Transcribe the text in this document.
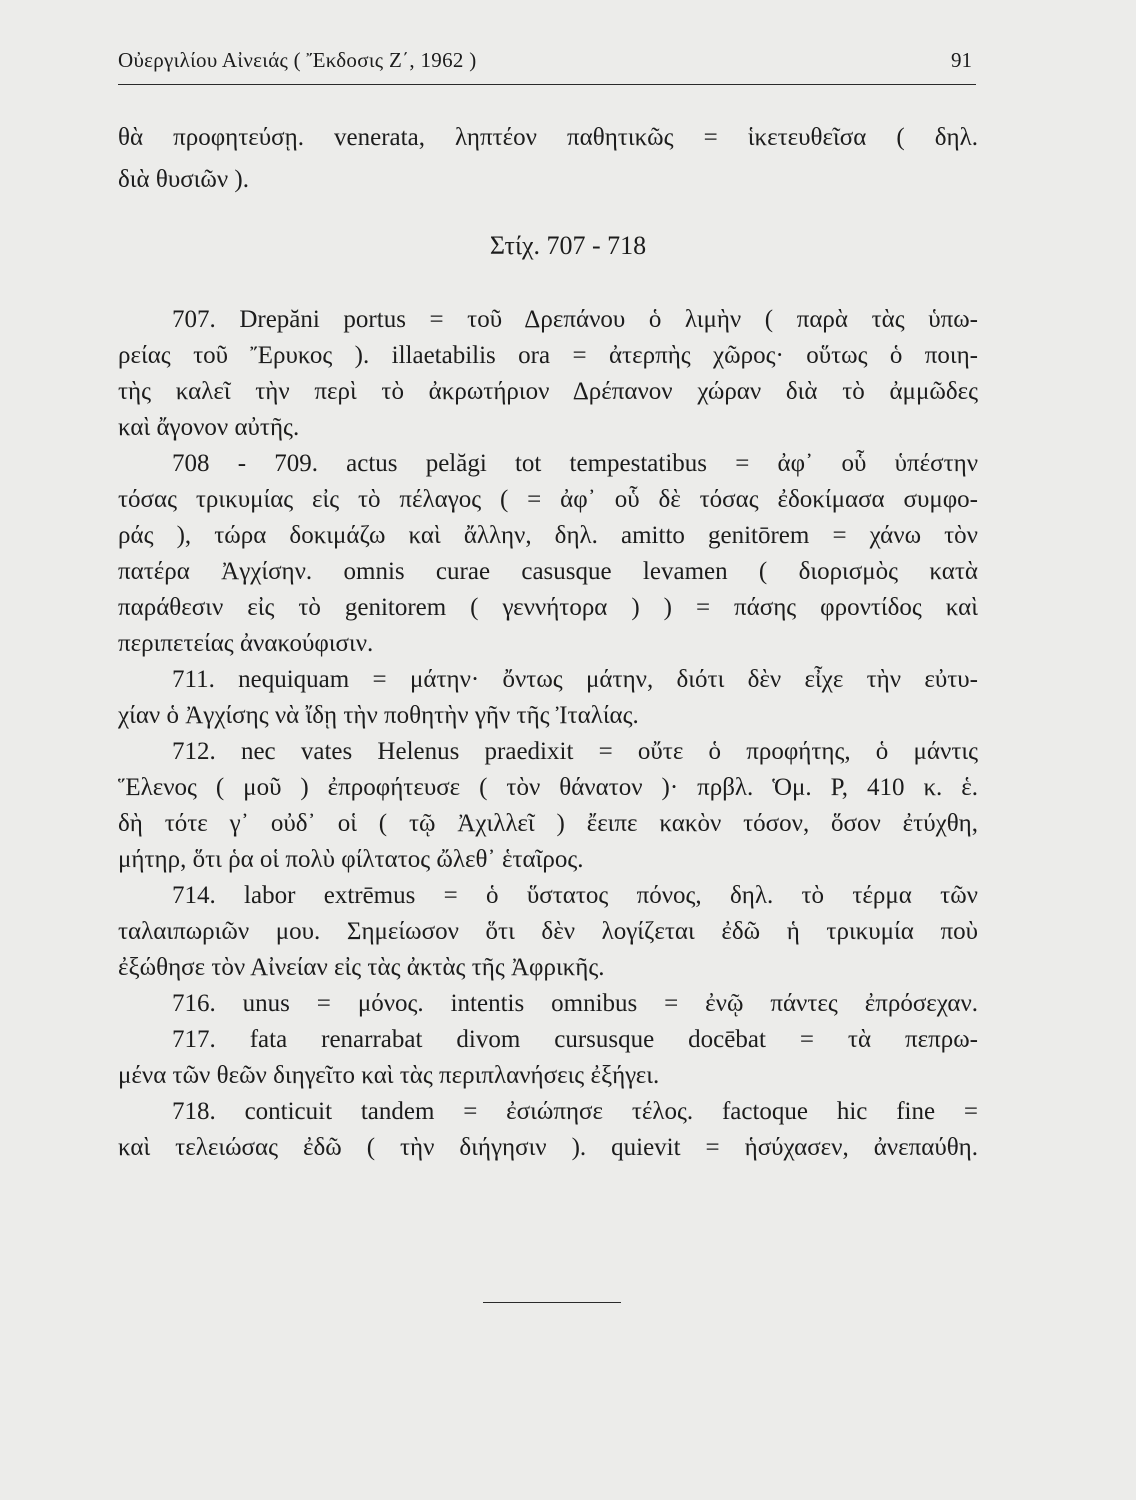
Οὐεργιλίου Αἰνειάς ( Ἔκδοσις Ζ΄, 1962 )	91
θὰ προφητεύσῃ. venerata, ληπτέον παθητικῶς = ἱκετευθεῖσα ( δηλ.
διὰ θυσιῶν ).
Στίχ. 707 - 718
707. Drepăni portus = τοῦ Δρεπάνου ὁ λιμὴν ( παρὰ τὰς ὑπω-
ρείας τοῦ Ἔρυκος ). illaetabilis ora = ἀτερπὴς χῶρος· οὕτως ὁ ποιη-
τὴς καλεῖ τὴν περὶ τὸ ἀκρωτήριον Δρέπανον χώραν διὰ τὸ ἀμμῶδες
καὶ ἄγονον αὐτῆς.
708 - 709. actus pelăgi tot tempestatibus = ἀφ᾽ οὗ ὑπέστην
τόσας τρικυμίας εἰς τὸ πέλαγος ( = ἀφ᾽ οὗ δὲ τόσας ἐδοκίμασα συμφο-
ράς ), τώρα δοκιμάζω καὶ ἄλλην, δηλ. amitto genitōrem = χάνω τὸν
πατέρα Ἀγχίσην. omnis curae casusque levamen ( διορισμὸς κατὰ
παράθεσιν εἰς τὸ genitorem ( γεννήτορα ) ) = πάσης φροντίδος καὶ
περιπετείας ἀνακούφισιν.
711. nequiquam = μάτην· ὄντως μάτην, διότι δὲν εἶχε τὴν εὐτυ-
χίαν ὁ Ἀγχίσης νὰ ἴδῃ τὴν ποθητὴν γῆν τῆς Ἰταλίας.
712. nec vates Helenus praedixit = οὔτε ὁ προφήτης, ὁ μάντις
Ἕλενος ( μοῦ ) ἐπροφήτευσε ( τὸν θάνατον )· πρβλ. Ὁμ. Ρ, 410 κ. ἑ.
δὴ τότε γ᾽ οὐδ᾽ οἱ ( τῷ Ἀχιλλεῖ ) ἔειπε κακὸν τόσον, ὅσον ἐτύχθη,
μήτηρ, ὅτι ῥα οἱ πολὺ φίλτατος ὤλεθ᾽ ἑταῖρος.
714. labor extrēmus = ὁ ὕστατος πόνος, δηλ. τὸ τέρμα τῶν
ταλαιπωριῶν μου. Σημείωσον ὅτι δὲν λογίζεται ἐδῶ ἡ τρικυμία ποὺ
ἐξώθησε τὸν Αἰνείαν εἰς τὰς ἀκτὰς τῆς Ἀφρικῆς.
716. unus = μόνος. intentis omnibus = ἐνῷ πάντες ἐπρόσεχαν.
717. fata renarrabat divom cursusque docēbat = τὰ πεπρω-
μένα τῶν θεῶν διηγεῖτο καὶ τὰς περιπλανήσεις ἐξήγει.
718. conticuit tandem = ἐσιώπησε τέλος. factoque hic fine =
καὶ τελειώσας ἐδῶ ( τὴν διήγησιν ). quievit = ἡσύχασεν, ἀνεπαύθη.
